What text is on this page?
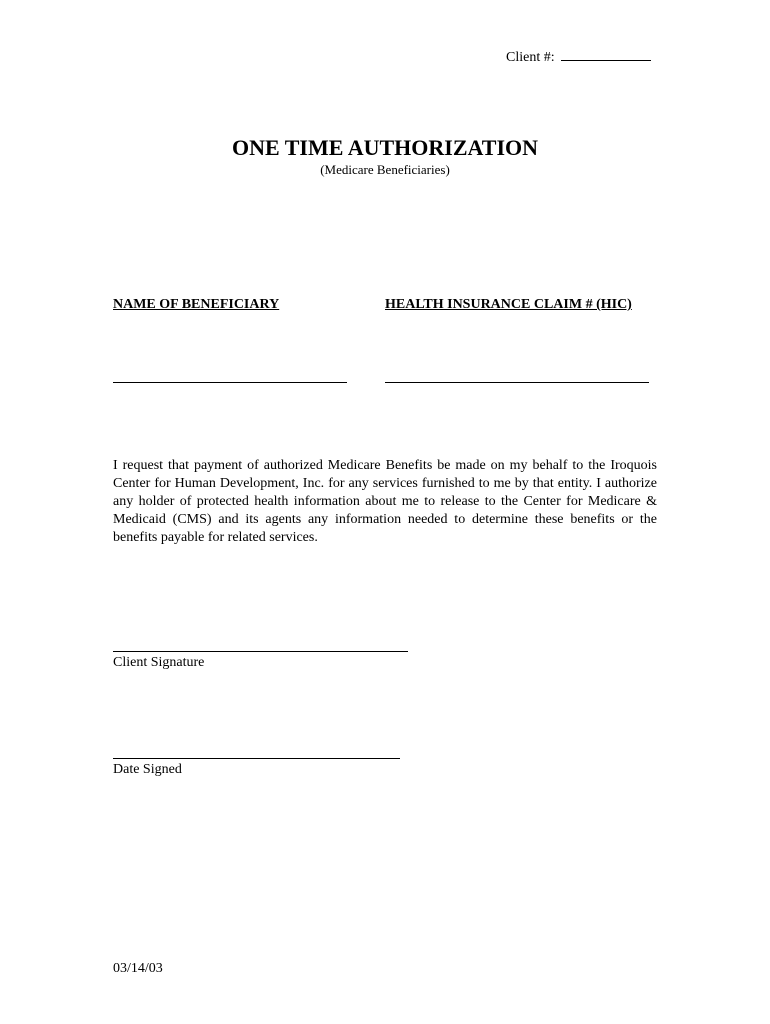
Client #:
ONE TIME AUTHORIZATION
(Medicare Beneficiaries)
NAME OF BENEFICIARY	HEALTH INSURANCE CLAIM # (HIC)
I request that payment of authorized Medicare Benefits be made on my behalf to the Iroquois Center for Human Development, Inc. for any services furnished to me by that entity. I authorize any holder of protected health information about me to release to the Center for Medicare & Medicaid (CMS) and its agents any information needed to determine these benefits or the benefits payable for related services.
Client Signature
Date Signed
03/14/03
